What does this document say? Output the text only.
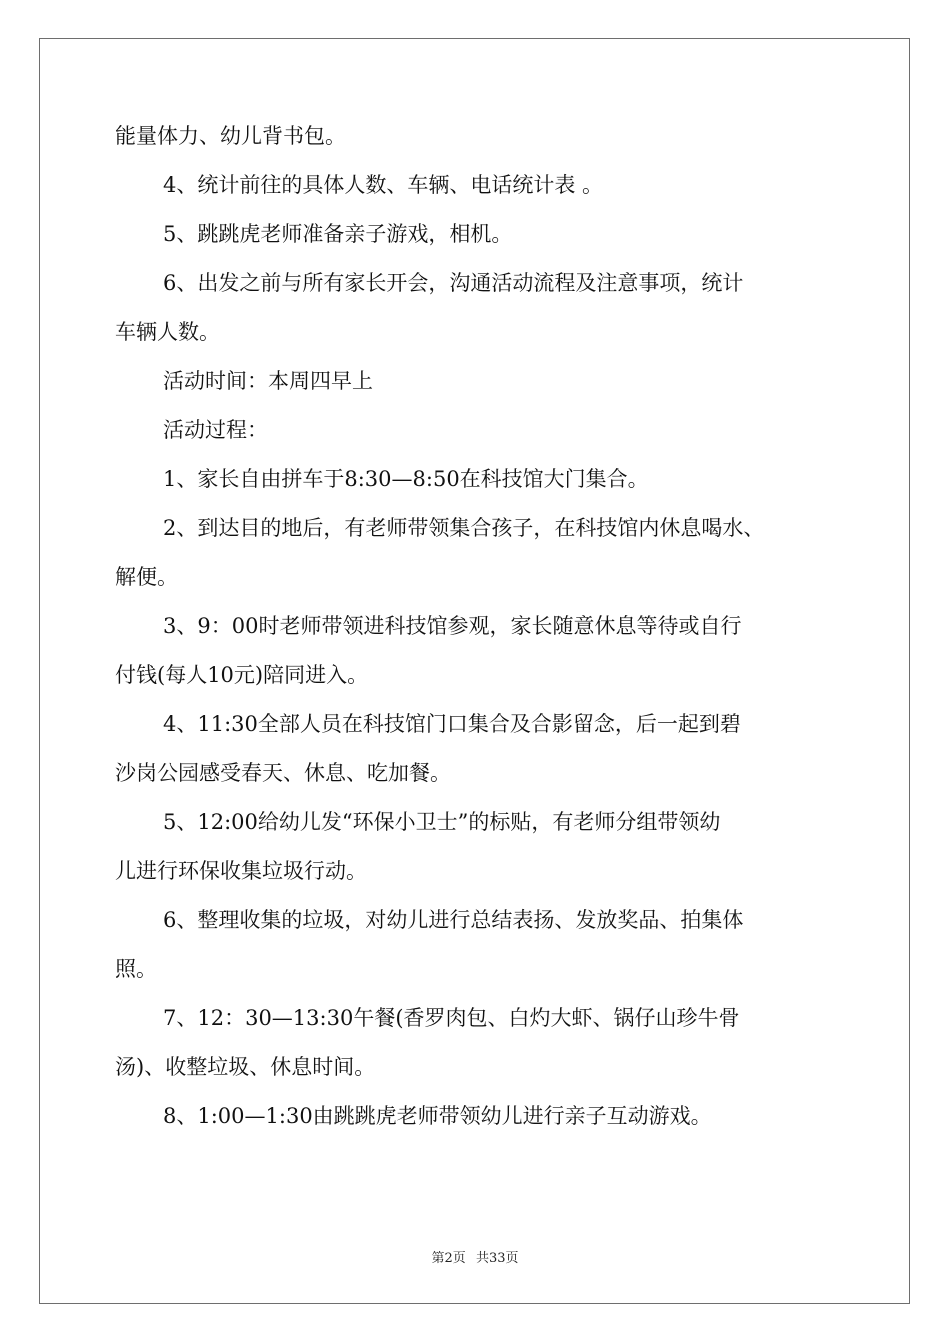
能量体力、幼儿背书包。
4、统计前往的具体人数、车辆、电话统计表 。
5、跳跳虎老师准备亲子游戏，相机。
6、出发之前与所有家长开会，沟通活动流程及注意事项，统计
车辆人数。
活动时间：本周四早上
活动过程：
1、家长自由拼车于8:30—8:50在科技馆大门集合。
2、到达目的地后，有老师带领集合孩子，在科技馆内休息喝水、
解便。
3、9：00时老师带领进科技馆参观，家长随意休息等待或自行
付钱(每人10元)陪同进入。
4、11:30全部人员在科技馆门口集合及合影留念，后一起到碧
沙岗公园感受春天、休息、吃加餐。
5、12:00给幼儿发“环保小卫士”的标贴，有老师分组带领幼
儿进行环保收集垃圾行动。
6、整理收集的垃圾，对幼儿进行总结表扬、发放奖品、拍集体
照。
7、12：30—13:30午餐(香罗肉包、白灼大虾、锅仔山珍牛骨
汤)、收整垃圾、休息时间。
8、1:00—1:30由跳跳虎老师带领幼儿进行亲子互动游戏。
第2页 共33页
